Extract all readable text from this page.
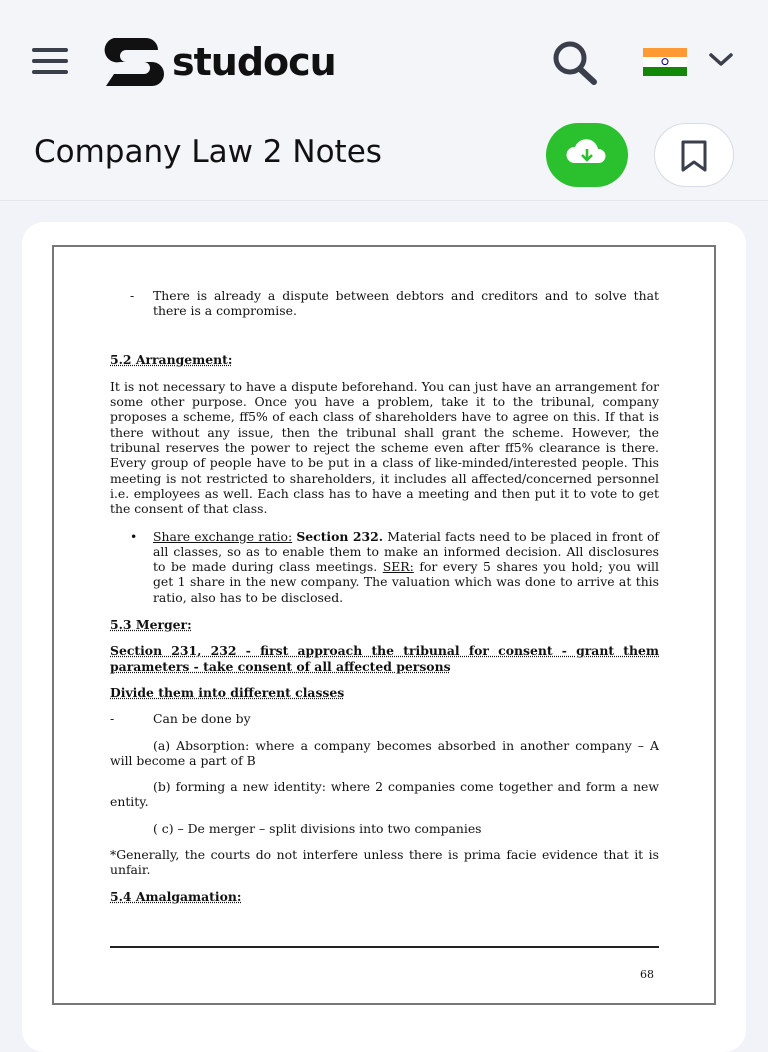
studocu
Company Law 2 Notes
-	There is already a dispute between debtors and creditors and to solve that there is a compromise.

5.2 Arrangement:

It is not necessary to have a dispute beforehand. You can just have an arrangement for some other purpose. Once you have a problem, take it to the tribunal, company proposes a scheme, ff5% of each class of shareholders have to agree on this. If that is there without any issue, then the tribunal shall grant the scheme. However, the tribunal reserves the power to reject the scheme even after ff5% clearance is there. Every group of people have to be put in a class of like-minded/interested people. This meeting is not restricted to shareholders, it includes all affected/concerned personnel i.e. employees as well. Each class has to have a meeting and then put it to vote to get the consent of that class.

•	Share exchange ratio: Section 232. Material facts need to be placed in front of all classes, so as to enable them to make an informed decision. All disclosures to be made during class meetings. SER: for every 5 shares you hold; you will get 1 share in the new company. The valuation which was done to arrive at this ratio, also has to be disclosed.

5.3 Merger:

Section 231, 232 - first approach the tribunal for consent - grant them parameters - take consent of all affected persons

Divide them into different classes

-	Can be done by

(a) Absorption: where a company becomes absorbed in another company – A will become a part of B

(b) forming a new identity: where 2 companies come together and form a new entity.

( c) – De merger – split divisions into two companies

*Generally, the courts do not interfere unless there is prima facie evidence that it is unfair.

5.4 Amalgamation:

68
